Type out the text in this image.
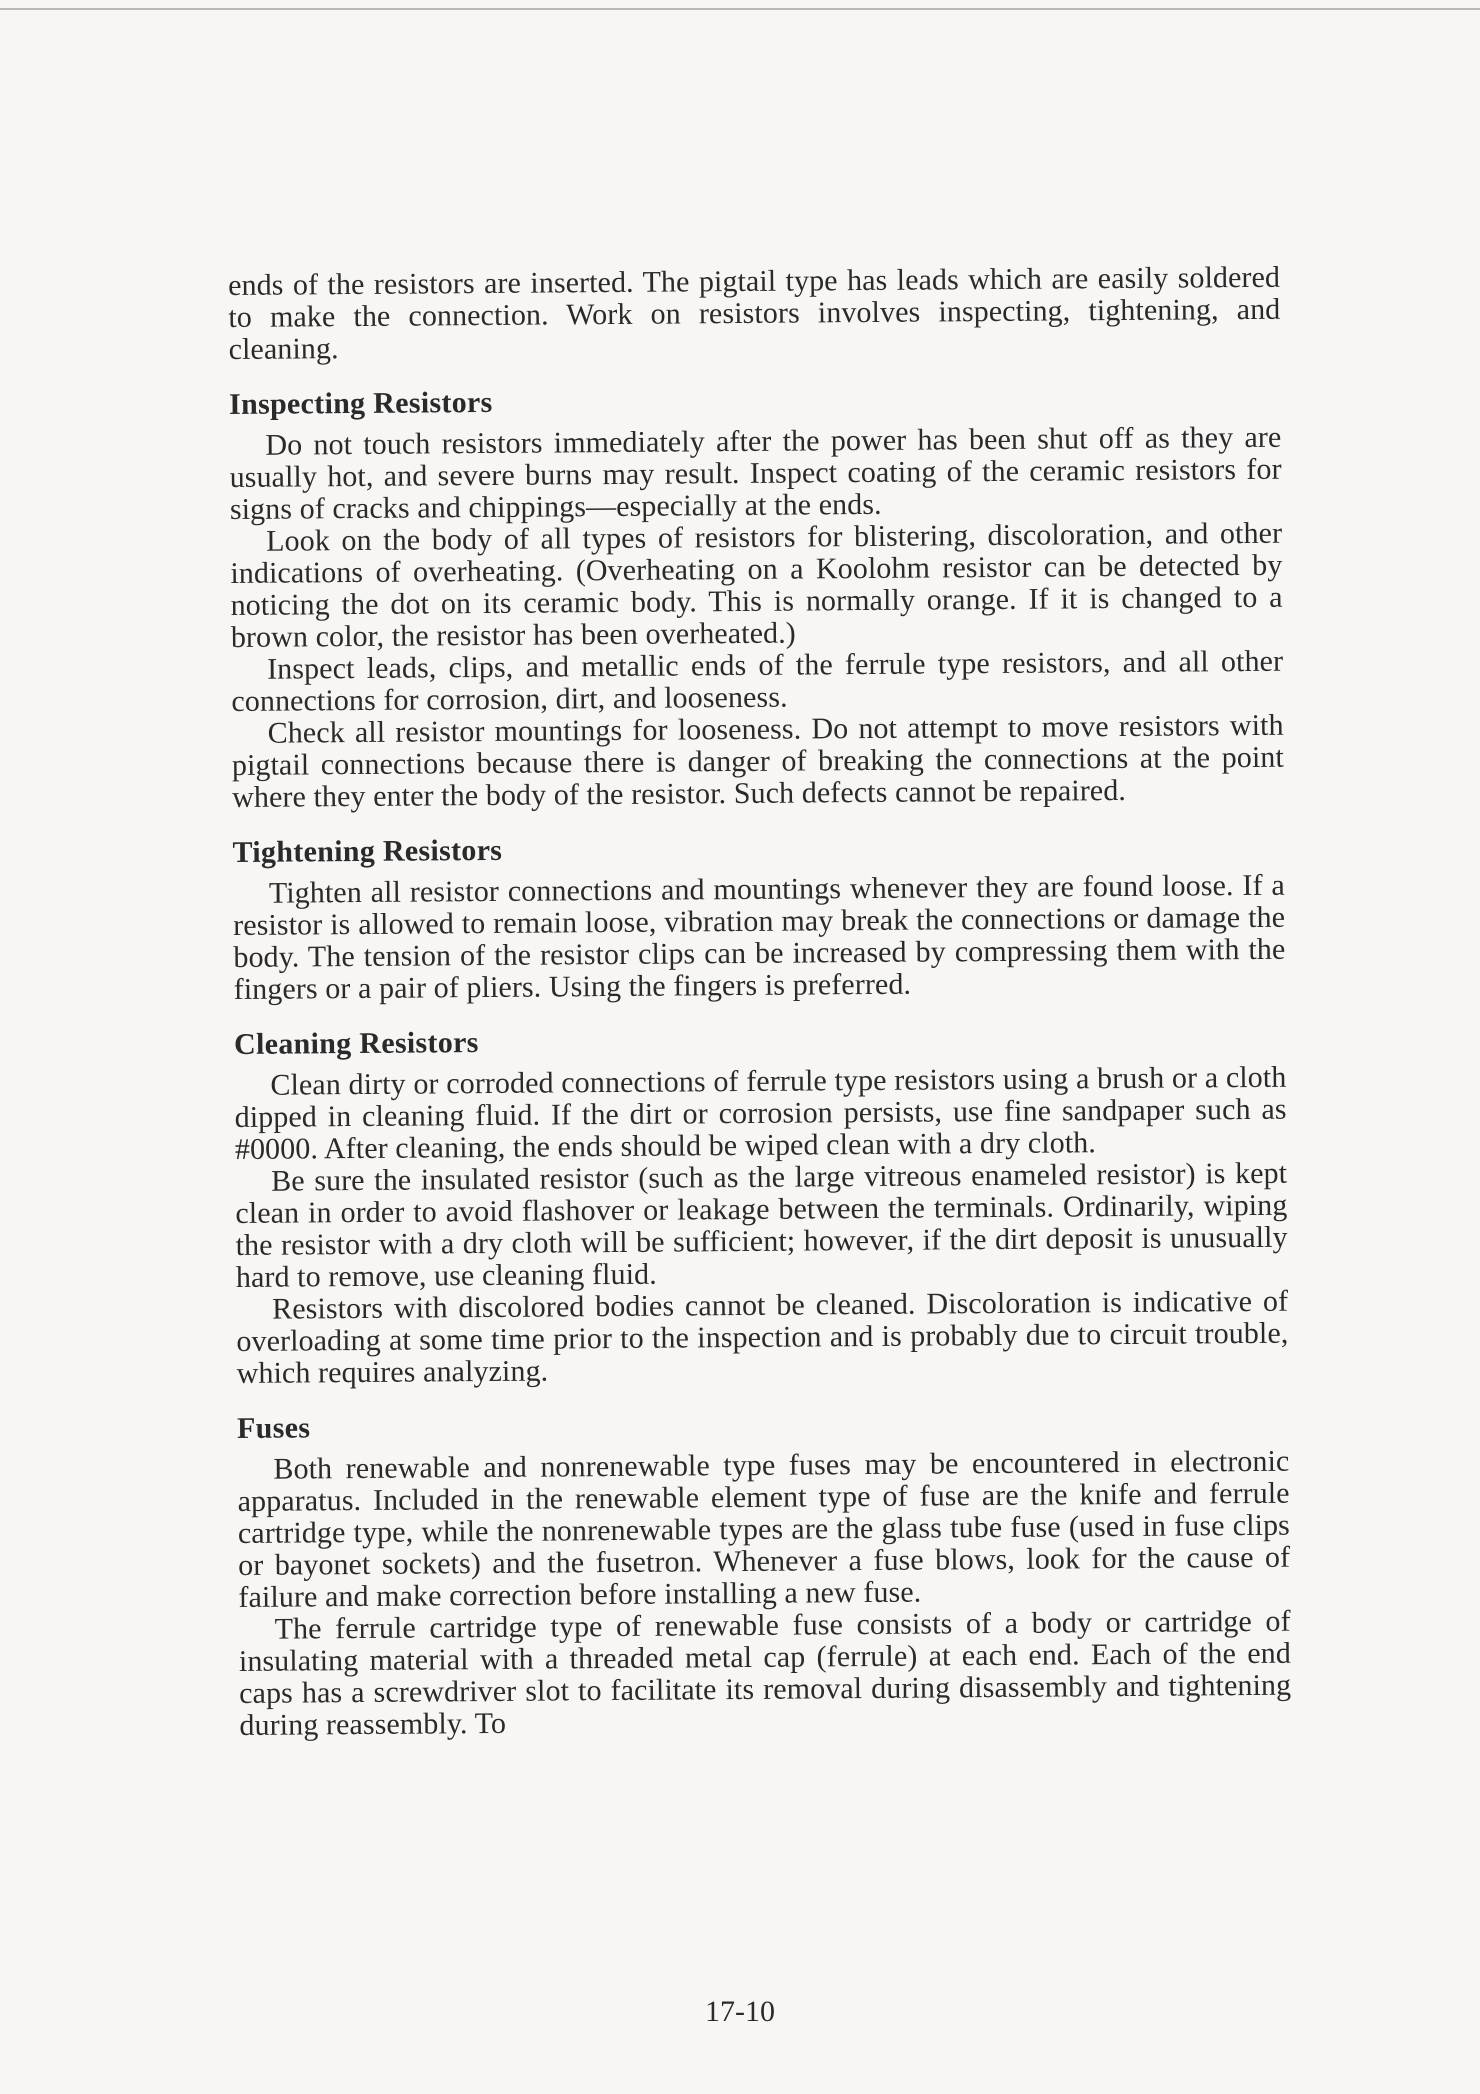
ends of the resistors are inserted. The pigtail type has leads which are easily soldered to make the connection. Work on resistors involves inspecting, tightening, and cleaning.

Inspecting Resistors

Do not touch resistors immediately after the power has been shut off as they are usually hot, and severe burns may result. Inspect coating of the ceramic resistors for signs of cracks and chippings—especially at the ends.

Look on the body of all types of resistors for blistering, discoloration, and other indications of overheating. (Overheating on a Koolohm resistor can be detected by noticing the dot on its ceramic body. This is normally orange. If it is changed to a brown color, the resistor has been overheated.)

Inspect leads, clips, and metallic ends of the ferrule type resistors, and all other connections for corrosion, dirt, and looseness.

Check all resistor mountings for looseness. Do not attempt to move resistors with pigtail connections because there is danger of breaking the connections at the point where they enter the body of the resistor. Such defects cannot be repaired.

Tightening Resistors

Tighten all resistor connections and mountings whenever they are found loose. If a resistor is allowed to remain loose, vibration may break the connections or damage the body. The tension of the resistor clips can be increased by compressing them with the fingers or a pair of pliers. Using the fingers is preferred.

Cleaning Resistors

Clean dirty or corroded connections of ferrule type resistors using a brush or a cloth dipped in cleaning fluid. If the dirt or corrosion persists, use fine sandpaper such as #0000. After cleaning, the ends should be wiped clean with a dry cloth.

Be sure the insulated resistor (such as the large vitreous enameled resistor) is kept clean in order to avoid flashover or leakage between the terminals. Ordinarily, wiping the resistor with a dry cloth will be sufficient; however, if the dirt deposit is unusually hard to remove, use cleaning fluid.

Resistors with discolored bodies cannot be cleaned. Discoloration is indicative of overloading at some time prior to the inspection and is probably due to circuit trouble, which requires analyzing.

Fuses

Both renewable and nonrenewable type fuses may be encountered in electronic apparatus. Included in the renewable element type of fuse are the knife and ferrule cartridge type, while the nonrenewable types are the glass tube fuse (used in fuse clips or bayonet sockets) and the fusetron. Whenever a fuse blows, look for the cause of failure and make correction before installing a new fuse.

The ferrule cartridge type of renewable fuse consists of a body or cartridge of insulating material with a threaded metal cap (ferrule) at each end. Each of the end caps has a screwdriver slot to facilitate its removal during disassembly and tightening during reassembly. To

17-10
